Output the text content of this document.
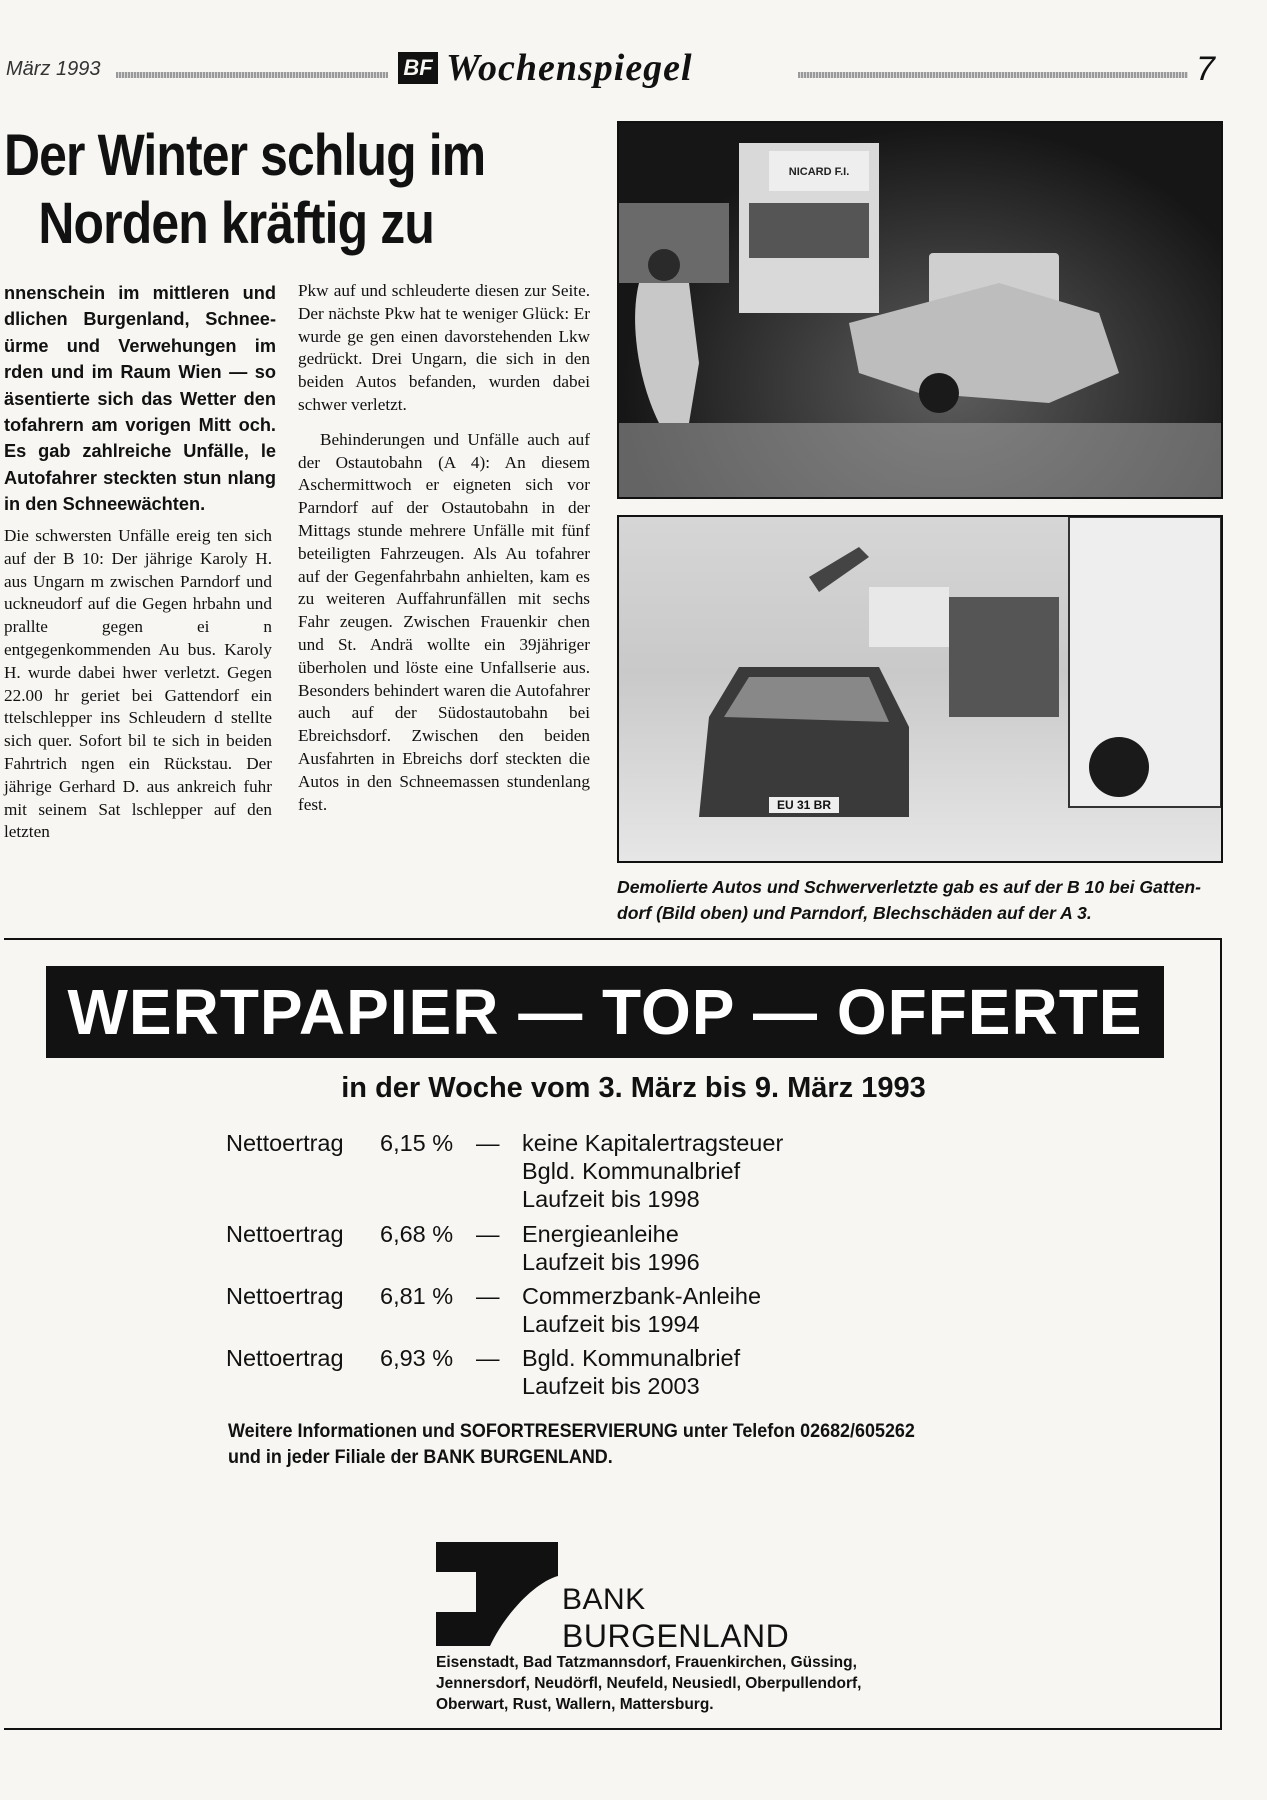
März 1993	BF Wochenspiegel	7
Der Winter schlug im
Norden kräftig zu
nnenschein im mittleren und dlichen Burgenland, Schnee ürme und Verwehungen im rden und im Raum Wien — so äsentierte sich das Wetter den tofahrern am vorigen Mitt och. Es gab zahlreiche Unfälle, le Autofahrer steckten stun nlang in den Schneewächten.
Die schwersten Unfälle ereig ten sich auf der B 10: Der jährige Karoly H. aus Ungarn m zwischen Parndorf und uckneudorf auf die Gegen hrbahn und prallte gegen ei n entgegenkommenden Au bus. Karoly H. wurde dabei hwer verletzt. Gegen 22.00 hr geriet bei Gattendorf ein ttelschlepper ins Schleudern d stellte sich quer. Sofort bil te sich in beiden Fahrtrich ngen ein Rückstau. Der jährige Gerhard D. aus ankreich fuhr mit seinem Sat lschlepper auf den letzten

Pkw auf und schleuderte diesen zur Seite. Der nächste Pkw hat te weniger Glück: Er wurde ge gen einen davorstehenden Lkw gedrückt. Drei Ungarn, die sich in den beiden Autos befanden, wurden dabei schwer verletzt.

Behinderungen und Unfälle auch auf der Ostautobahn (A 4): An diesem Aschermittwoch er eigneten sich vor Parndorf auf der Ostautobahn in der Mittags stunde mehrere Unfälle mit fünf beteiligten Fahrzeugen. Als Au tofahrer auf der Gegenfahrbahn anhielten, kam es zu weiteren Auffahrunfällen mit sechs Fahr zeugen. Zwischen Frauenkir chen und St. Andrä wollte ein 39jähriger überholen und löste eine Unfallserie aus. Besonders behindert waren die Autofahrer auch auf der Südostautobahn bei Ebreichsdorf. Zwischen den beiden Ausfahrten in Ebreichs dorf steckten die Autos in den Schneemassen stundenlang fest.

NICARD F.I.
EU 31 BR
Demolierte Autos und Schwerverletzte gab es auf der B 10 bei Gatten dorf (Bild oben) und Parndorf, Blechschäden auf der A 3.
WERTPAPIER — TOP — OFFERTE
in der Woche vom 3. März bis 9. März 1993
Nettoertrag 6,15 % — keine Kapitalertragsteuer
Bgld. Kommunalbrief
Laufzeit bis 1998
Nettoertrag 6,68 % — Energieanleihe
Laufzeit bis 1996
Nettoertrag 6,81 % — Commerzbank-Anleihe
Laufzeit bis 1994
Nettoertrag 6,93 % — Bgld. Kommunalbrief
Laufzeit bis 2003
Weitere Informationen und SOFORTRESERVIERUNG unter Telefon 02682/605262
und in jeder Filiale der BANK BURGENLAND.
BANK
BURGENLAND
Eisenstadt, Bad Tatzmannsdorf, Frauenkirchen, Güssing,
Jennersdorf, Neudörfl, Neufeld, Neusiedl, Oberpullendorf,
Oberwart, Rust, Wallern, Mattersburg.
